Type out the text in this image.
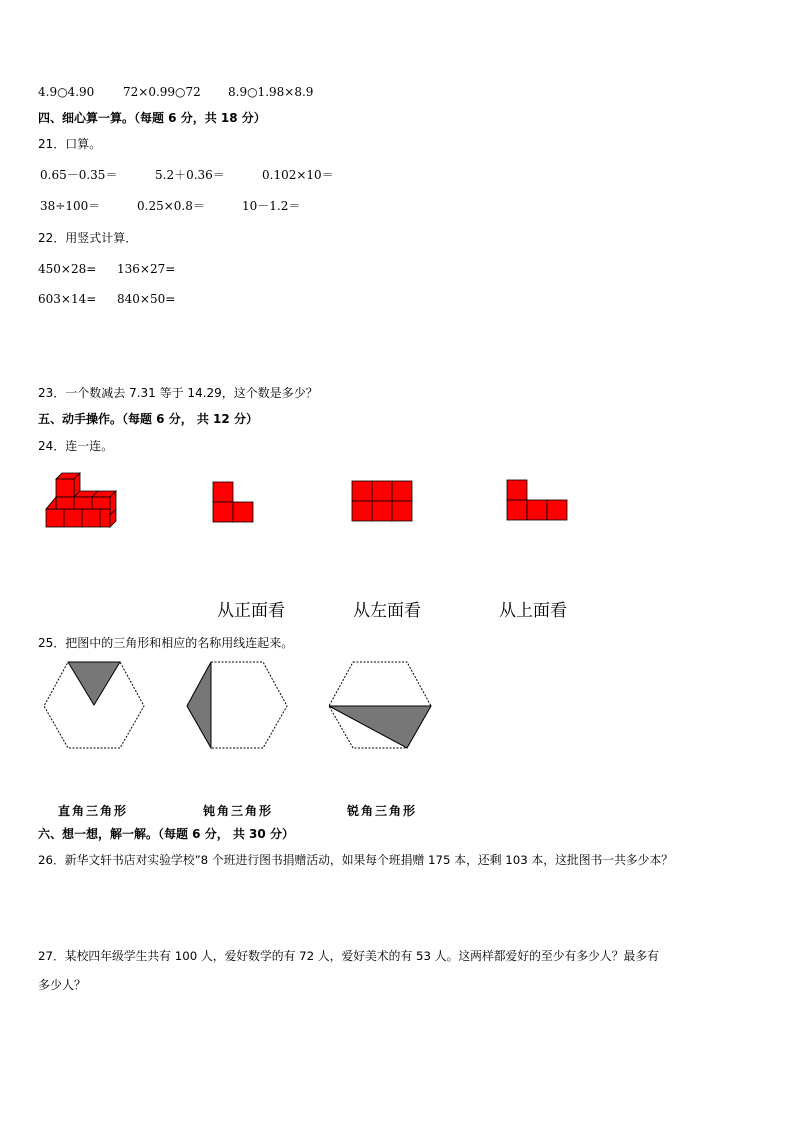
4.9○4.90 72×0.99○72 8.9○1.98×8.9
四、细心算一算。（每题 6 分，共 18 分）
21．口算。
0.65－0.35＝	5.2＋0.36＝	0.102×10＝
38÷100＝	0.25×0.8＝	10－1.2＝
22．用竖式计算．
450×28= 136×27=
603×14= 840×50=
23．一个数减去 7.31 等于 14.29，这个数是多少？
五、动手操作。（每题 6 分， 共 12 分）
24．连一连。
从正面看	从左面看	从上面看
25．把图中的三角形和相应的名称用线连起来。
直角三角形	钝角三角形	锐角三角形
六、想一想，解一解。（每题 6 分， 共 30 分）
26．新华文轩书店对实验学校”8 个班进行图书捐赠活动，如果每个班捐赠 175 本，还剩 103 本，这批图书一共多少本？
27．某校四年级学生共有 100 人，爱好数学的有 72 人，爱好美术的有 53 人。这两样都爱好的至少有多少人？最多有
多少人？
